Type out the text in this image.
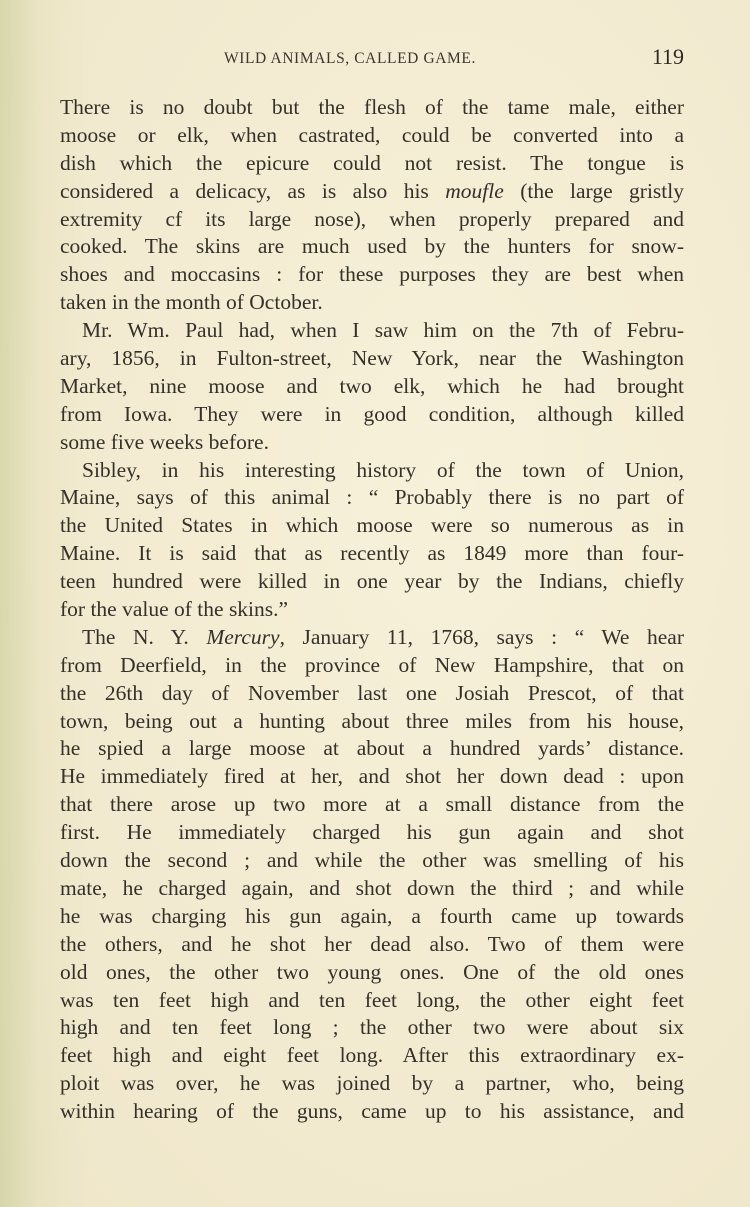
WILD ANIMALS, CALLED GAME.	119
There is no doubt but the flesh of the tame male, either
moose or elk, when castrated, could be converted into a
dish which the epicure could not resist. The tongue is
considered a delicacy, as is also his moufle (the large gristly
extremity cf its large nose), when properly prepared and
cooked. The skins are much used by the hunters for snow-
shoes and moccasins : for these purposes they are best when
taken in the month of October.
Mr. Wm. Paul had, when I saw him on the 7th of Febru-
ary, 1856, in Fulton-street, New York, near the Washington
Market, nine moose and two elk, which he had brought
from Iowa. They were in good condition, although killed
some five weeks before.
Sibley, in his interesting history of the town of Union,
Maine, says of this animal : “ Probably there is no part of
the United States in which moose were so numerous as in
Maine. It is said that as recently as 1849 more than four-
teen hundred were killed in one year by the Indians, chiefly
for the value of the skins.”
The N. Y. Mercury, January 11, 1768, says : “ We hear
from Deerfield, in the province of New Hampshire, that on
the 26th day of November last one Josiah Prescot, of that
town, being out a hunting about three miles from his house,
he spied a large moose at about a hundred yards’ distance.
He immediately fired at her, and shot her down dead : upon
that there arose up two more at a small distance from the
first. He immediately charged his gun again and shot
down the second ; and while the other was smelling of his
mate, he charged again, and shot down the third ; and while
he was charging his gun again, a fourth came up towards
the others, and he shot her dead also. Two of them were
old ones, the other two young ones. One of the old ones
was ten feet high and ten feet long, the other eight feet
high and ten feet long ; the other two were about six
feet high and eight feet long. After this extraordinary ex-
ploit was over, he was joined by a partner, who, being
within hearing of the guns, came up to his assistance, and
